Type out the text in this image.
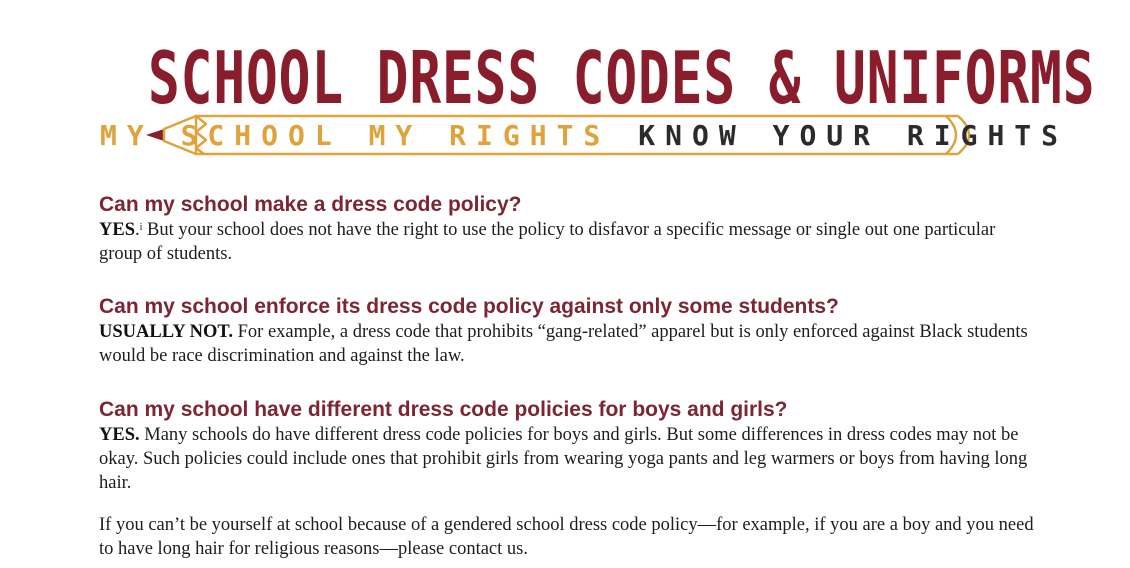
SCHOOL DRESS CODES & UNIFORMS
MY SCHOOL MY RIGHTS KNOW YOUR RIGHTS
Can my school make a dress code policy?

YES.$^i$ But your school does not have the right to use the policy to disfavor a specific message or single out one particular group of students.

Can my school enforce its dress code policy against only some students?

USUALLY NOT. For example, a dress code that prohibits “gang-related” apparel but is only enforced against Black students would be race discrimination and against the law.

Can my school have different dress code policies for boys and girls?

YES. Many schools do have different dress code policies for boys and girls. But some differences in dress codes may not be okay. Such policies could include ones that prohibit girls from wearing yoga pants and leg warmers or boys from having long hair.

If you can’t be yourself at school because of a gendered school dress code policy—for example, if you are a boy and you need to have long hair for religious reasons—please contact us.
